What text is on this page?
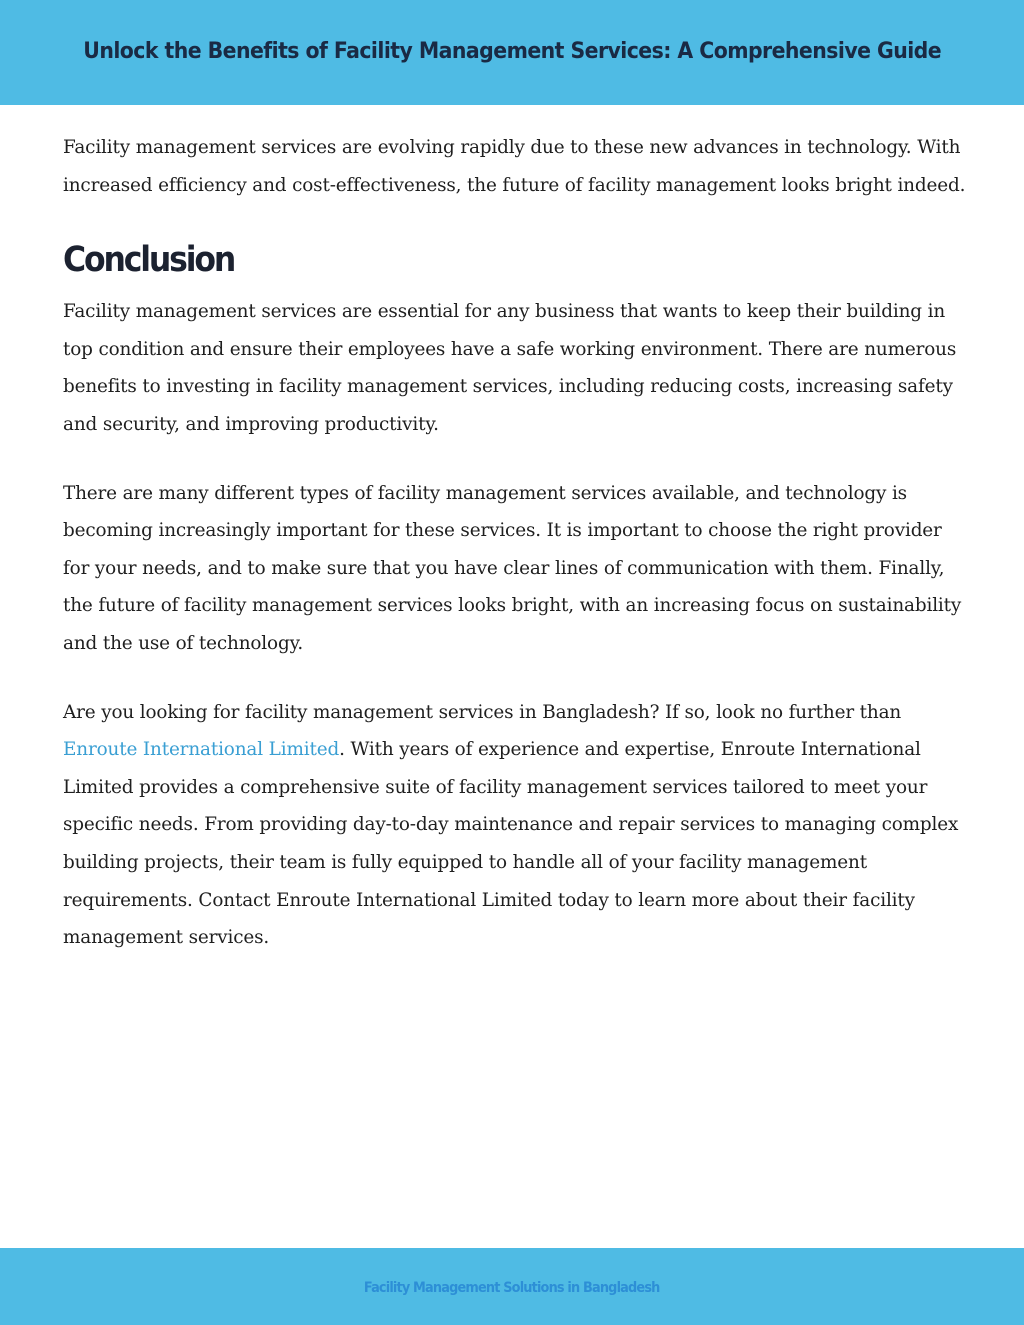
Unlock the Benefits of Facility Management Services: A Comprehensive Guide

Facility management services are evolving rapidly due to these new advances in technology. With increased efficiency and cost-effectiveness, the future of facility management looks bright indeed.

Conclusion

Facility management services are essential for any business that wants to keep their building in top condition and ensure their employees have a safe working environment. There are numerous benefits to investing in facility management services, including reducing costs, increasing safety and security, and improving productivity.

There are many different types of facility management services available, and technology is becoming increasingly important for these services. It is important to choose the right provider for your needs, and to make sure that you have clear lines of communication with them. Finally, the future of facility management services looks bright, with an increasing focus on sustainability and the use of technology.

Are you looking for facility management services in Bangladesh? If so, look no further than Enroute International Limited. With years of experience and expertise, Enroute International Limited provides a comprehensive suite of facility management services tailored to meet your specific needs. From providing day-to-day maintenance and repair services to managing complex building projects, their team is fully equipped to handle all of your facility management requirements. Contact Enroute International Limited today to learn more about their facility management services.

Facility Management Solutions in Bangladesh
